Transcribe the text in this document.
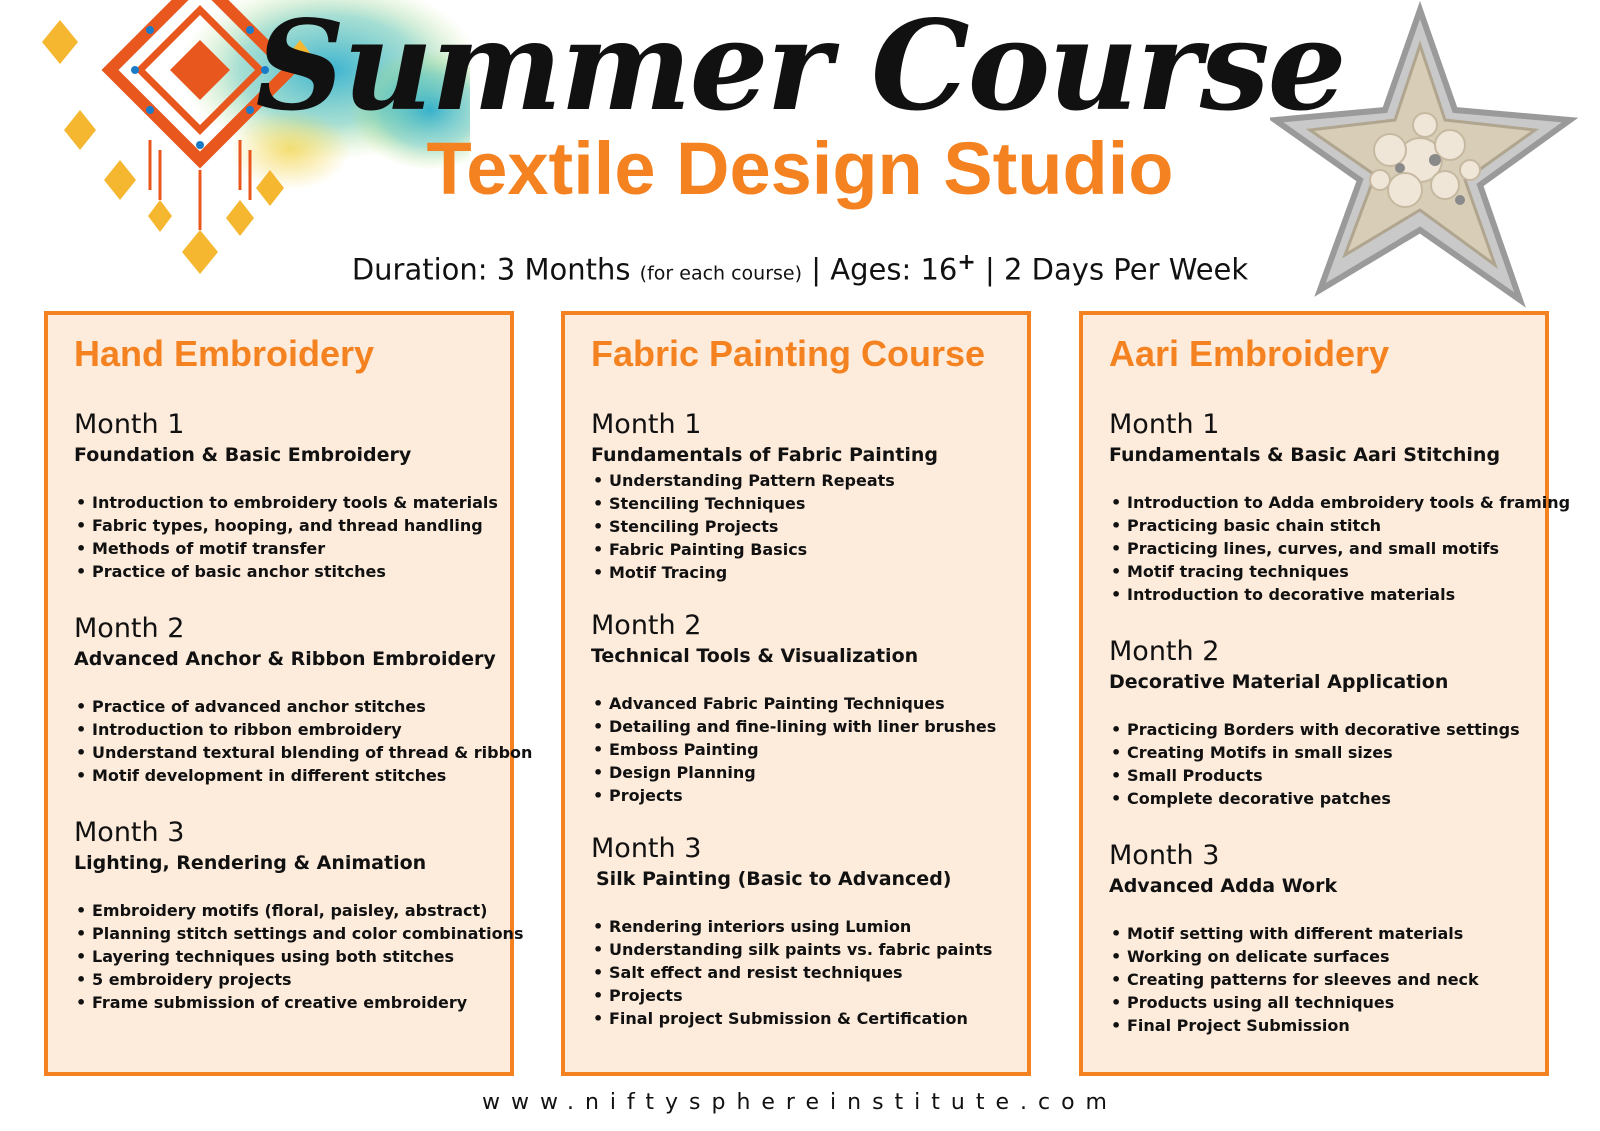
Summer Course
Textile Design Studio
Duration: 3 Months (for each course) | Ages: 16+ | 2 Days Per Week
Hand Embroidery
Month 1
Foundation & Basic Embroidery
• Introduction to embroidery tools & materials
• Fabric types, hooping, and thread handling
• Methods of motif transfer
• Practice of basic anchor stitches
Month 2
Advanced Anchor & Ribbon Embroidery
• Practice of advanced anchor stitches
• Introduction to ribbon embroidery
• Understand textural blending of thread & ribbon
• Motif development in different stitches
Month 3
Lighting, Rendering & Animation
• Embroidery motifs (floral, paisley, abstract)
• Planning stitch settings and color combinations
• Layering techniques using both stitches
• 5 embroidery projects
• Frame submission of creative embroidery
Fabric Painting Course
Month 1
Fundamentals of Fabric Painting
• Understanding Pattern Repeats
• Stenciling Techniques
• Stenciling Projects
• Fabric Painting Basics
• Motif Tracing
Month 2
Technical Tools & Visualization
• Advanced Fabric Painting Techniques
• Detailing and fine-lining with liner brushes
• Emboss Painting
• Design Planning
• Projects
Month 3
Silk Painting (Basic to Advanced)
• Rendering interiors using Lumion
• Understanding silk paints vs. fabric paints
• Salt effect and resist techniques
• Projects
• Final project Submission & Certification
Aari Embroidery
Month 1
Fundamentals & Basic Aari Stitching
• Introduction to Adda embroidery tools & framing
• Practicing basic chain stitch
• Practicing lines, curves, and small motifs
• Motif tracing techniques
• Introduction to decorative materials
Month 2
Decorative Material Application
• Practicing Borders with decorative settings
• Creating Motifs in small sizes
• Small Products
• Complete decorative patches
Month 3
Advanced Adda Work
• Motif setting with different materials
• Working on delicate surfaces
• Creating patterns for sleeves and neck
• Products using all techniques
• Final Project Submission
www.niftysphereinstitute.com
